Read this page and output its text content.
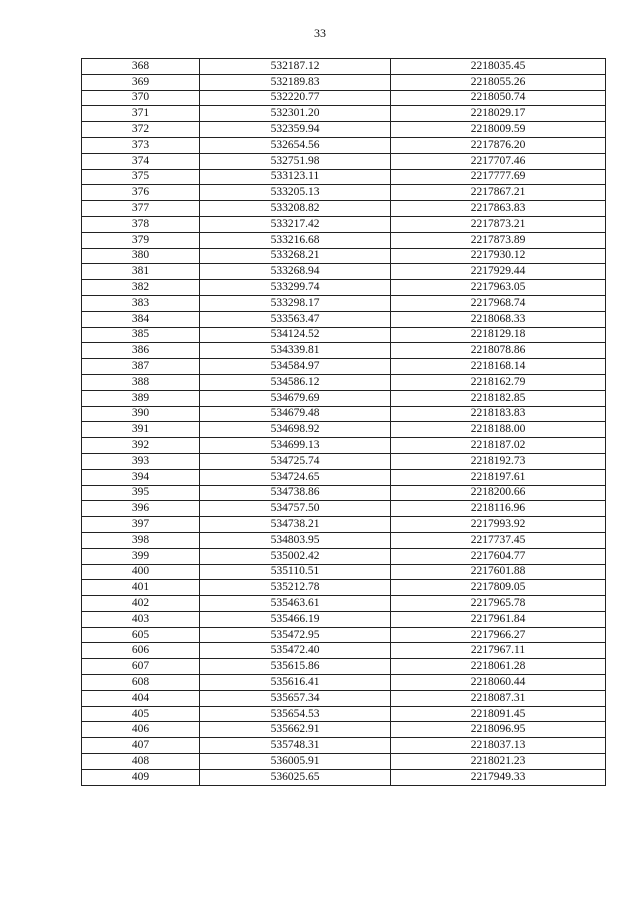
33
368	532187.12	2218035.45
369	532189.83	2218055.26
370	532220.77	2218050.74
371	532301.20	2218029.17
372	532359.94	2218009.59
373	532654.56	2217876.20
374	532751.98	2217707.46
375	533123.11	2217777.69
376	533205.13	2217867.21
377	533208.82	2217863.83
378	533217.42	2217873.21
379	533216.68	2217873.89
380	533268.21	2217930.12
381	533268.94	2217929.44
382	533299.74	2217963.05
383	533298.17	2217968.74
384	533563.47	2218068.33
385	534124.52	2218129.18
386	534339.81	2218078.86
387	534584.97	2218168.14
388	534586.12	2218162.79
389	534679.69	2218182.85
390	534679.48	2218183.83
391	534698.92	2218188.00
392	534699.13	2218187.02
393	534725.74	2218192.73
394	534724.65	2218197.61
395	534738.86	2218200.66
396	534757.50	2218116.96
397	534738.21	2217993.92
398	534803.95	2217737.45
399	535002.42	2217604.77
400	535110.51	2217601.88
401	535212.78	2217809.05
402	535463.61	2217965.78
403	535466.19	2217961.84
605	535472.95	2217966.27
606	535472.40	2217967.11
607	535615.86	2218061.28
608	535616.41	2218060.44
404	535657.34	2218087.31
405	535654.53	2218091.45
406	535662.91	2218096.95
407	535748.31	2218037.13
408	536005.91	2218021.23
409	536025.65	2217949.33
